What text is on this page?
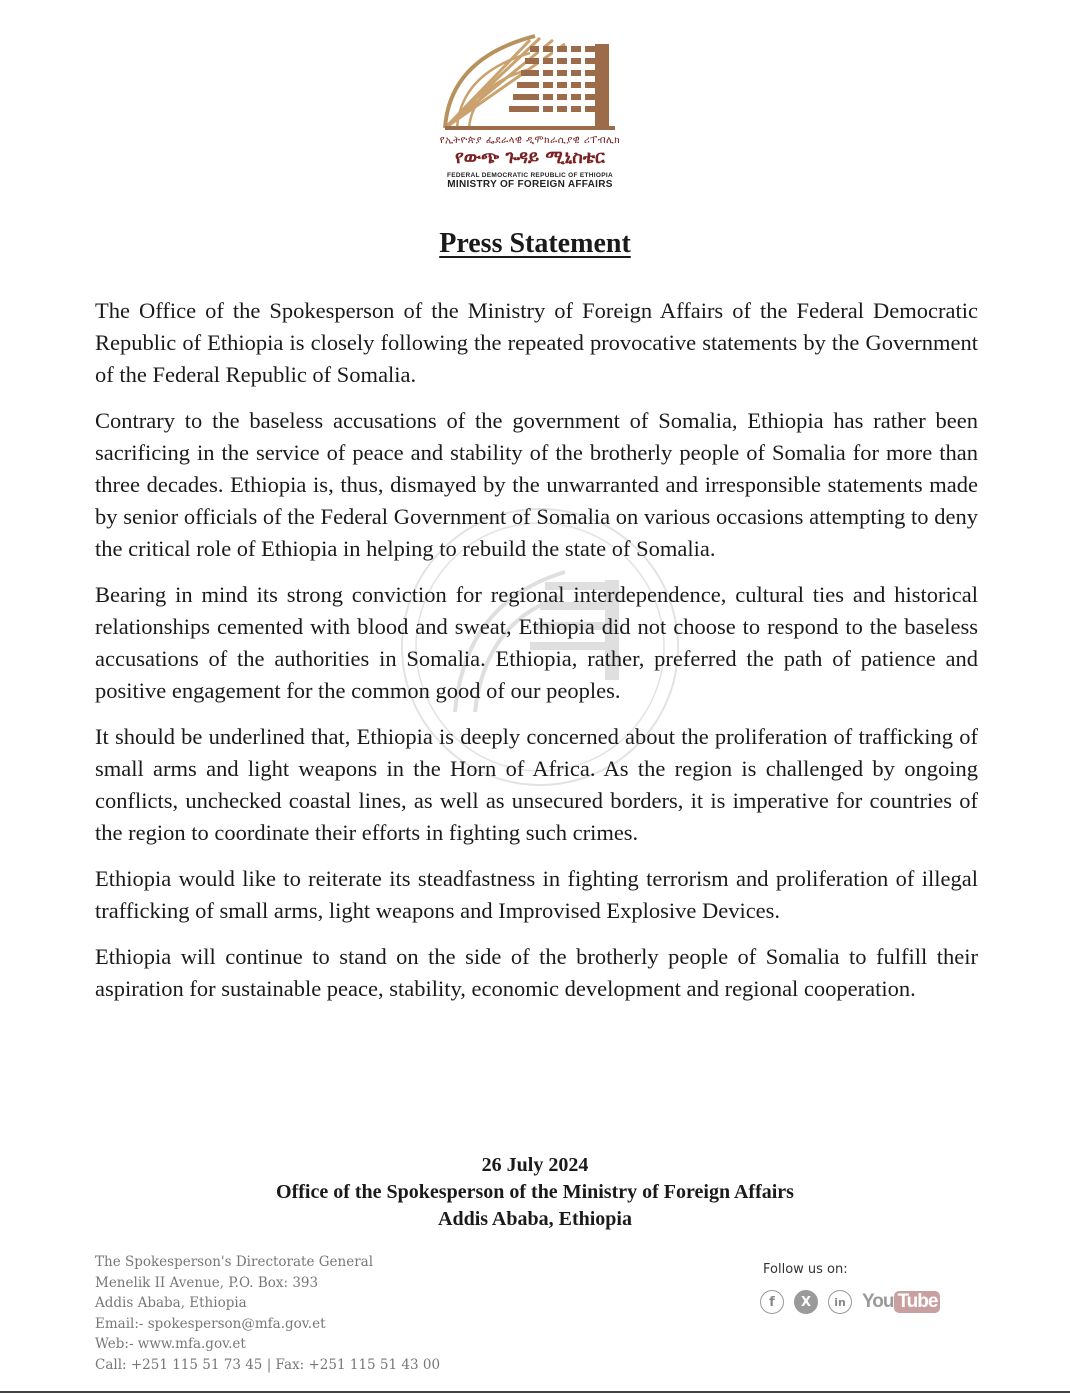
የኢትዮጵያ ፌደራላዊ ዲሞክራሲያዊ ሪፐብሊክ
የውጭ ጉዳይ ሚኒስቴር
FEDERAL DEMOCRATIC REPUBLIC OF ETHIOPIA
MINISTRY OF FOREIGN AFFAIRS
Press Statement

The Office of the Spokesperson of the Ministry of Foreign Affairs of the Federal Democratic Republic of Ethiopia is closely following the repeated provocative statements by the Government of the Federal Republic of Somalia.

Contrary to the baseless accusations of the government of Somalia, Ethiopia has rather been sacrificing in the service of peace and stability of the brotherly people of Somalia for more than three decades. Ethiopia is, thus, dismayed by the unwarranted and irresponsible statements made by senior officials of the Federal Government of Somalia on various occasions attempting to deny the critical role of Ethiopia in helping to rebuild the state of Somalia.

Bearing in mind its strong conviction for regional interdependence, cultural ties and historical relationships cemented with blood and sweat, Ethiopia did not choose to respond to the baseless accusations of the authorities in Somalia. Ethiopia, rather, preferred the path of patience and positive engagement for the common good of our peoples.

It should be underlined that, Ethiopia is deeply concerned about the proliferation of trafficking of small arms and light weapons in the Horn of Africa. As the region is challenged by ongoing conflicts, unchecked coastal lines, as well as unsecured borders, it is imperative for countries of the region to coordinate their efforts in fighting such crimes.

Ethiopia would like to reiterate its steadfastness in fighting terrorism and proliferation of illegal trafficking of small arms, light weapons and Improvised Explosive Devices.

Ethiopia will continue to stand on the side of the brotherly people of Somalia to fulfill their aspiration for sustainable peace, stability, economic development and regional cooperation.

26 July 2024
Office of the Spokesperson of the Ministry of Foreign Affairs
Addis Ababa, Ethiopia
The Spokesperson's Directorate General
Menelik II Avenue, P.O. Box: 393
Addis Ababa, Ethiopia
Email:- spokesperson@mfa.gov.et
Web:- www.mfa.gov.et
Call: +251 115 51 73 45 | Fax: +251 115 51 43 00
Follow us on:
f	X	in You Tube
